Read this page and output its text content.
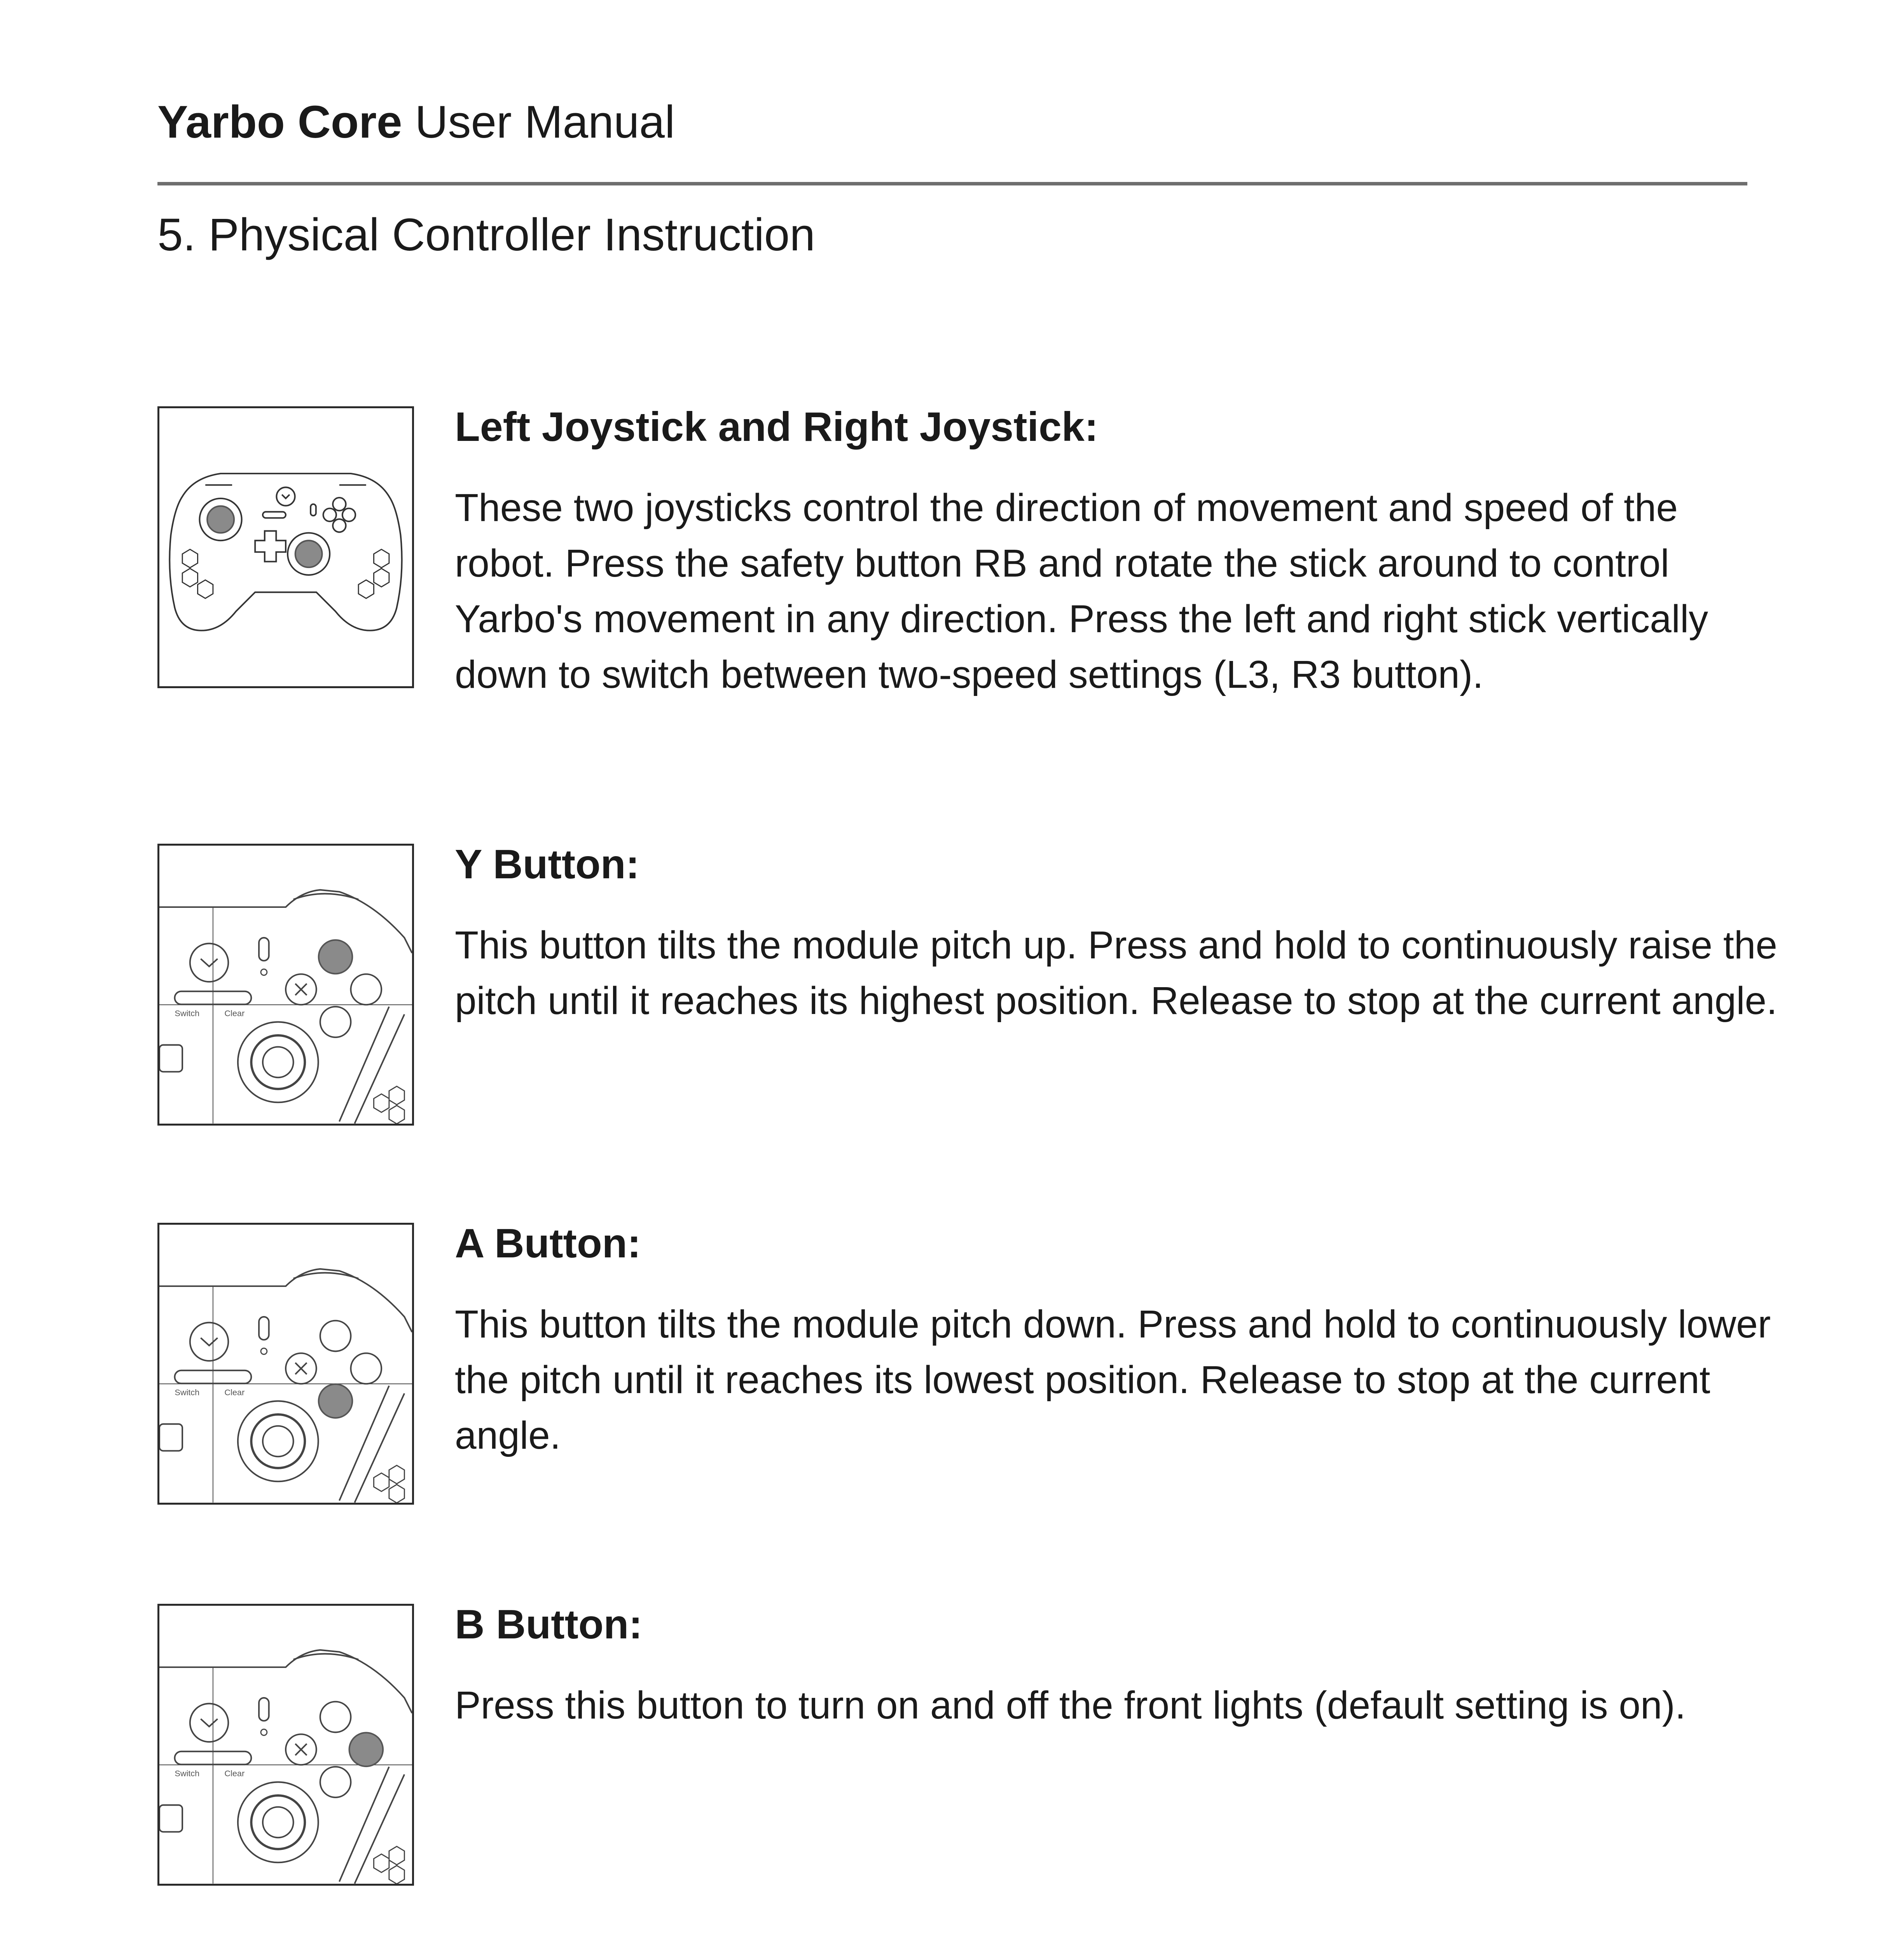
Yarbo Core User Manual
5. Physical Controller Instruction
Left Joystick and Right Joystick:

These two joysticks control the direction of movement and speed of the robot. Press the safety button RB and rotate the stick around to control Yarbo's movement in any direction. Press the left and right stick vertically down to switch between two-speed settings (L3, R3 button).

Switch	Clear
Y Button:

This button tilts the module pitch up. Press and hold to continuously raise the pitch until it reaches its highest position. Release to stop at the current angle.

Switch	Clear
A Button:

This button tilts the module pitch down. Press and hold to continuously lower the pitch until it reaches its lowest position. Release to stop at the current angle.

Switch	Clear
B Button:

Press this button to turn on and off the front lights (default setting is on).
